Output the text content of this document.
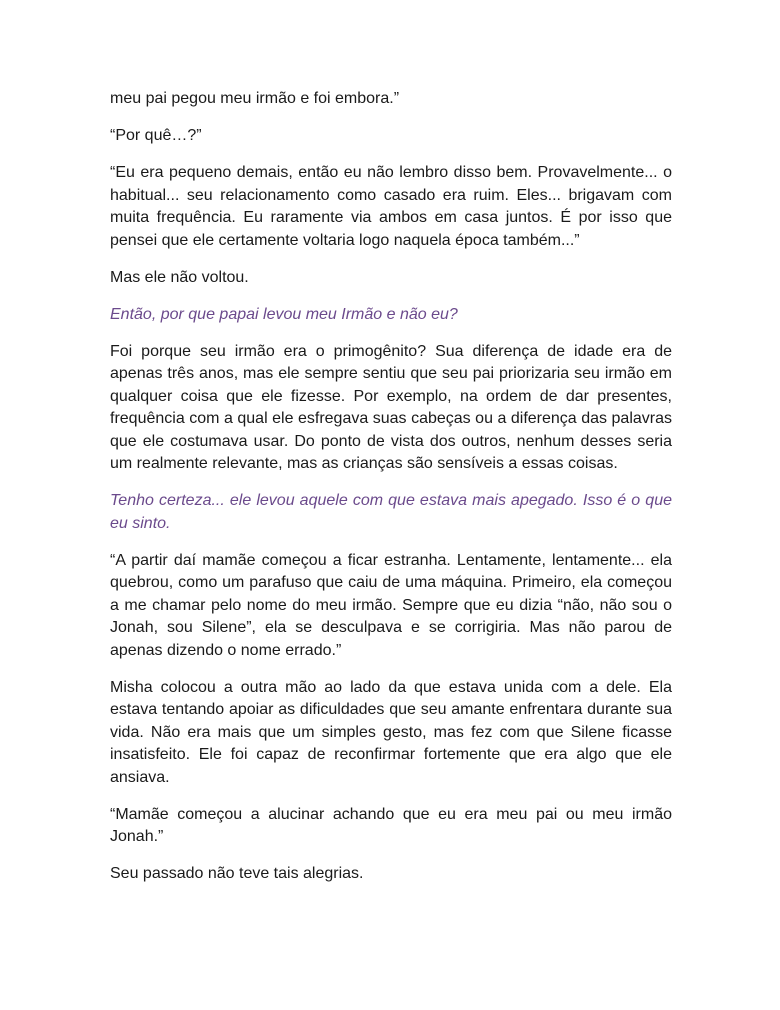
meu pai pegou meu irmão e foi embora.”

“Por quê…?”

“Eu era pequeno demais, então eu não lembro disso bem. Provavelmente... o habitual... seu relacionamento como casado era ruim. Eles... brigavam com muita frequência. Eu raramente via ambos em casa juntos. É por isso que pensei que ele certamente voltaria logo naquela época também...”

Mas ele não voltou.

Então, por que papai levou meu Irmão e não eu?

Foi porque seu irmão era o primogênito? Sua diferença de idade era de apenas três anos, mas ele sempre sentiu que seu pai priorizaria seu irmão em qualquer coisa que ele fizesse. Por exemplo, na ordem de dar presentes, frequência com a qual ele esfregava suas cabeças ou a diferença das palavras que ele costumava usar. Do ponto de vista dos outros, nenhum desses seria um realmente relevante, mas as crianças são sensíveis a essas coisas.

Tenho certeza... ele levou aquele com que estava mais apegado. Isso é o que eu sinto.

“A partir daí mamãe começou a ficar estranha. Lentamente, lentamente... ela quebrou, como um parafuso que caiu de uma máquina. Primeiro, ela começou a me chamar pelo nome do meu irmão. Sempre que eu dizia “não, não sou o Jonah, sou Silene”, ela se desculpava e se corrigiria. Mas não parou de apenas dizendo o nome errado.”

Misha colocou a outra mão ao lado da que estava unida com a dele. Ela estava tentando apoiar as dificuldades que seu amante enfrentara durante sua vida. Não era mais que um simples gesto, mas fez com que Silene ficasse insatisfeito. Ele foi capaz de reconfirmar fortemente que era algo que ele ansiava.

“Mamãe começou a alucinar achando que eu era meu pai ou meu irmão Jonah.”

Seu passado não teve tais alegrias.
